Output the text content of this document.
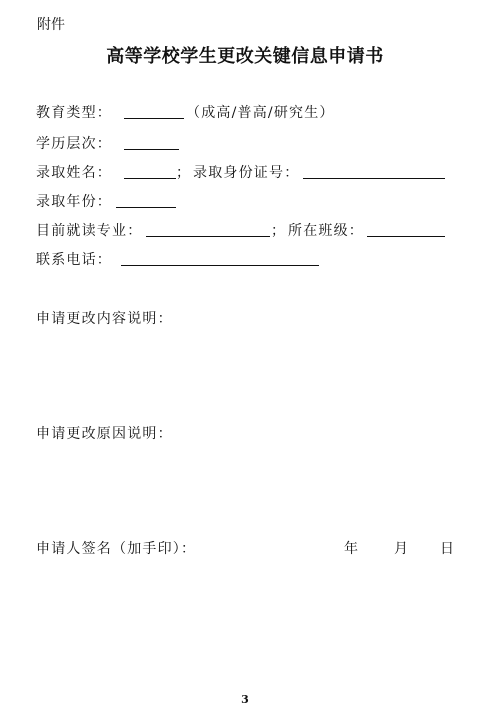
附件
高等学校学生更改关键信息申请书
教育类型：	（成高/普高/研究生）
学历层次：
录取姓名：	； 录取身份证号：
录取年份：
目前就读专业：	； 所在班级：
联系电话：
申请更改内容说明：
申请更改原因说明：
申请人签名（加手印）：	年 月 日
3
